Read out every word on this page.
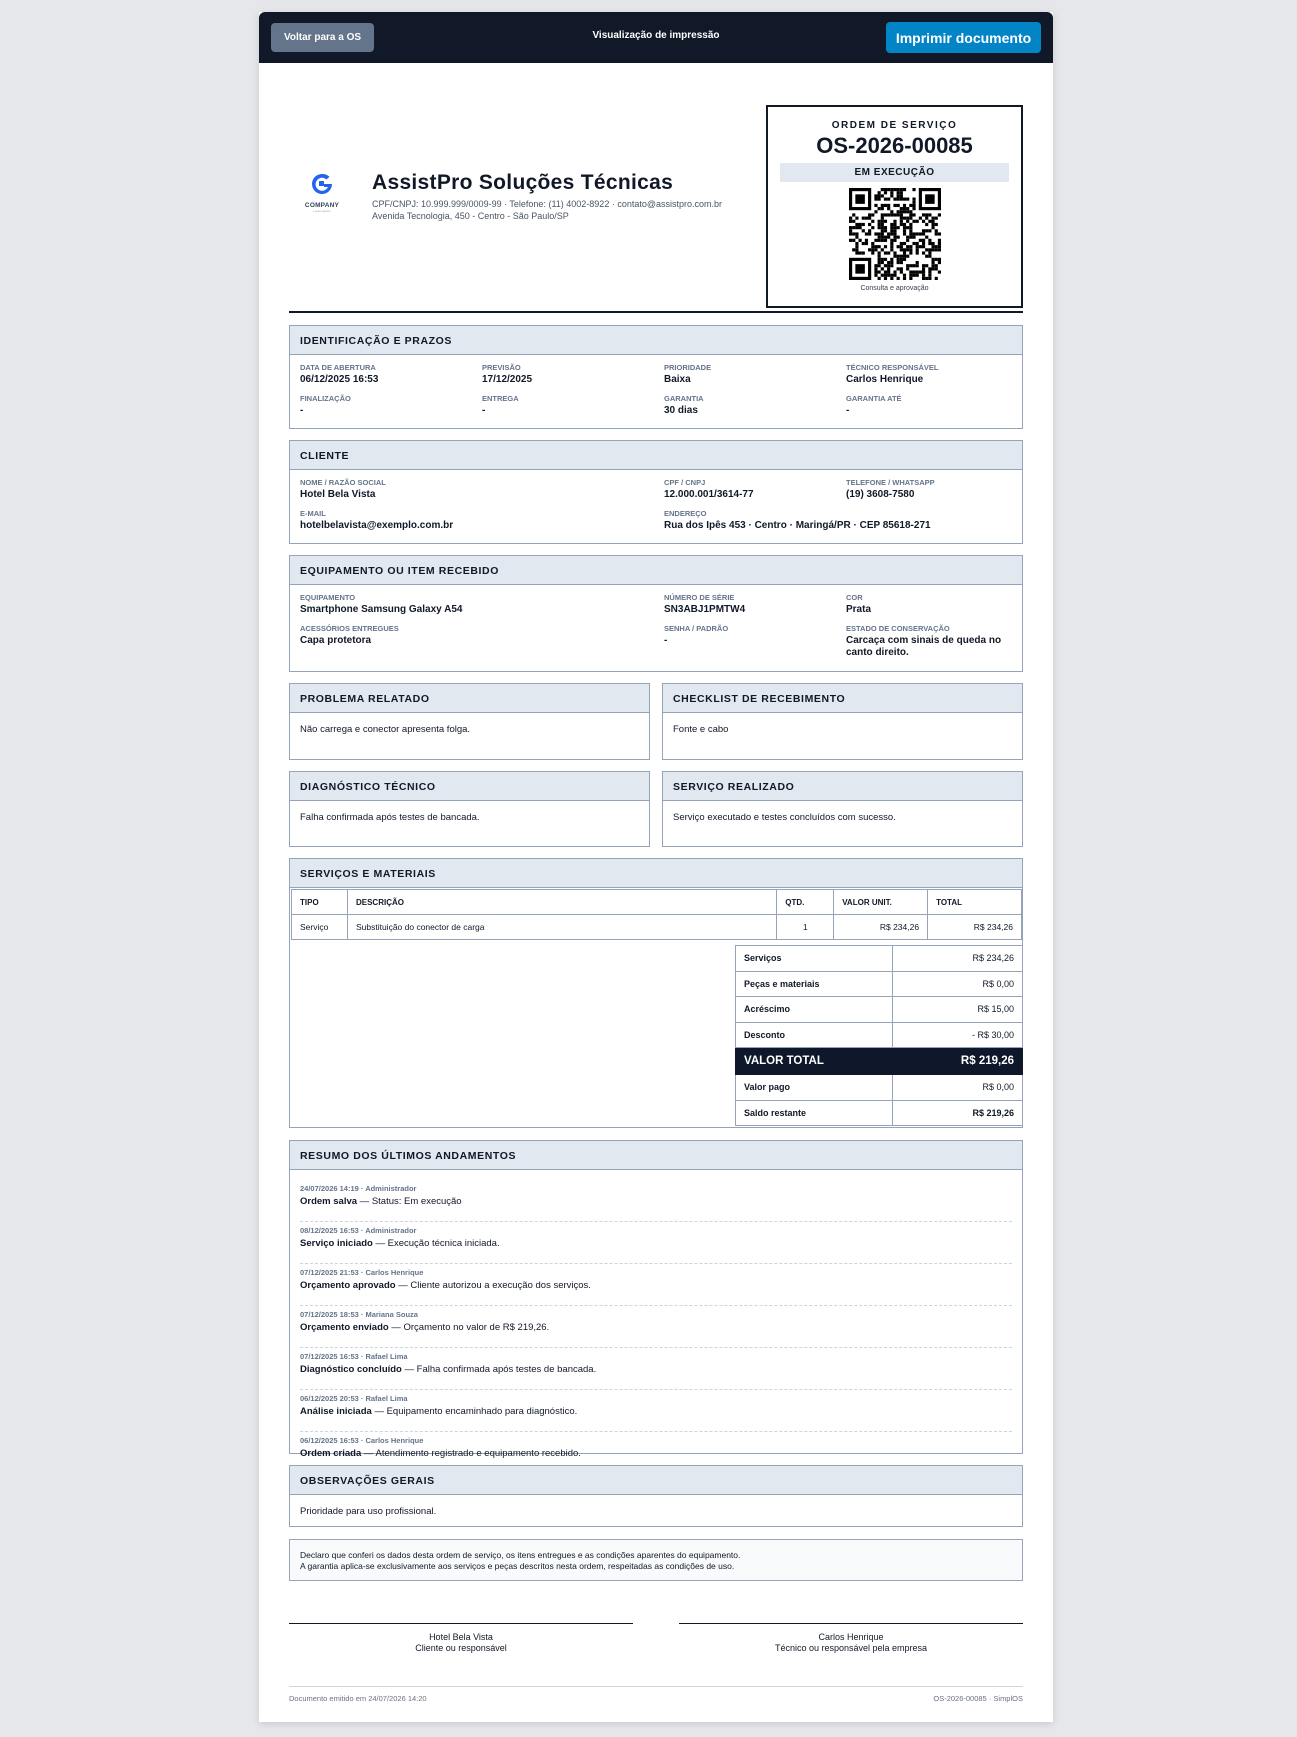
Voltar para a OS	Visualização de impressão	Imprimir documento
COMPANY
Lorem Ipsum
AssistPro Soluções Técnicas
CPF/CNPJ: 10.999.999/0009-99 · Telefone: (11) 4002-8922 · contato@assistpro.com.br
Avenida Tecnologia, 450 - Centro - São Paulo/SP
ORDEM DE SERVIÇO
OS-2026-00085
EM EXECUÇÃO
Consulta e aprovação
IDENTIFICAÇÃO E PRAZOS
DATA DE ABERTURA
06/12/2025 16:53
PREVISÃO
17/12/2025
PRIORIDADE
Baixa
TÉCNICO RESPONSÁVEL
Carlos Henrique
FINALIZAÇÃO
-
ENTREGA
-
GARANTIA
30 dias
GARANTIA ATÉ
-
CLIENTE
NOME / RAZÃO SOCIAL
Hotel Bela Vista
CPF / CNPJ
12.000.001/3614-77
TELEFONE / WHATSAPP
(19) 3608-7580
E-MAIL
hotelbelavista@exemplo.com.br
ENDEREÇO
Rua dos Ipês 453 · Centro · Maringá/PR · CEP 85618-271
EQUIPAMENTO OU ITEM RECEBIDO
EQUIPAMENTO
Smartphone Samsung Galaxy A54
NÚMERO DE SÉRIE
SN3ABJ1PMTW4
COR
Prata
ACESSÓRIOS ENTREGUES
Capa protetora
SENHA / PADRÃO
-
ESTADO DE CONSERVAÇÃO
Carcaça com sinais de queda no canto direito.
PROBLEMA RELATADO
Não carrega e conector apresenta folga.
CHECKLIST DE RECEBIMENTO
Fonte e cabo
DIAGNÓSTICO TÉCNICO
Falha confirmada após testes de bancada.
SERVIÇO REALIZADO
Serviço executado e testes concluídos com sucesso.
SERVIÇOS E MATERIAIS
TIPO	DESCRIÇÃO	QTD.	VALOR UNIT.	TOTAL
Serviço	Substituição do conector de carga	1	R$ 234,26	R$ 234,26
Serviços	R$ 234,26
Peças e materiais	R$ 0,00
Acréscimo	R$ 15,00
Desconto	- R$ 30,00
VALOR TOTAL	R$ 219,26
Valor pago	R$ 0,00
Saldo restante	R$ 219,26
RESUMO DOS ÚLTIMOS ANDAMENTOS
24/07/2026 14:19 · Administrador
Ordem salva — Status: Em execução
08/12/2025 16:53 · Administrador
Serviço iniciado — Execução técnica iniciada.
07/12/2025 21:53 · Carlos Henrique
Orçamento aprovado — Cliente autorizou a execução dos serviços.
07/12/2025 18:53 · Mariana Souza
Orçamento enviado — Orçamento no valor de R$ 219,26.
07/12/2025 16:53 · Rafael Lima
Diagnóstico concluído — Falha confirmada após testes de bancada.
06/12/2025 20:53 · Rafael Lima
Análise iniciada — Equipamento encaminhado para diagnóstico.
06/12/2025 16:53 · Carlos Henrique
Ordem criada — Atendimento registrado e equipamento recebido.
OBSERVAÇÕES GERAIS
Prioridade para uso profissional.
Declaro que conferi os dados desta ordem de serviço, os itens entregues e as condições aparentes do equipamento.
A garantia aplica-se exclusivamente aos serviços e peças descritos nesta ordem, respeitadas as condições de uso.
Hotel Bela Vista
Cliente ou responsável
Carlos Henrique
Técnico ou responsável pela empresa
Documento emitido em 24/07/2026 14:20	OS-2026-00085 · SimplOS
